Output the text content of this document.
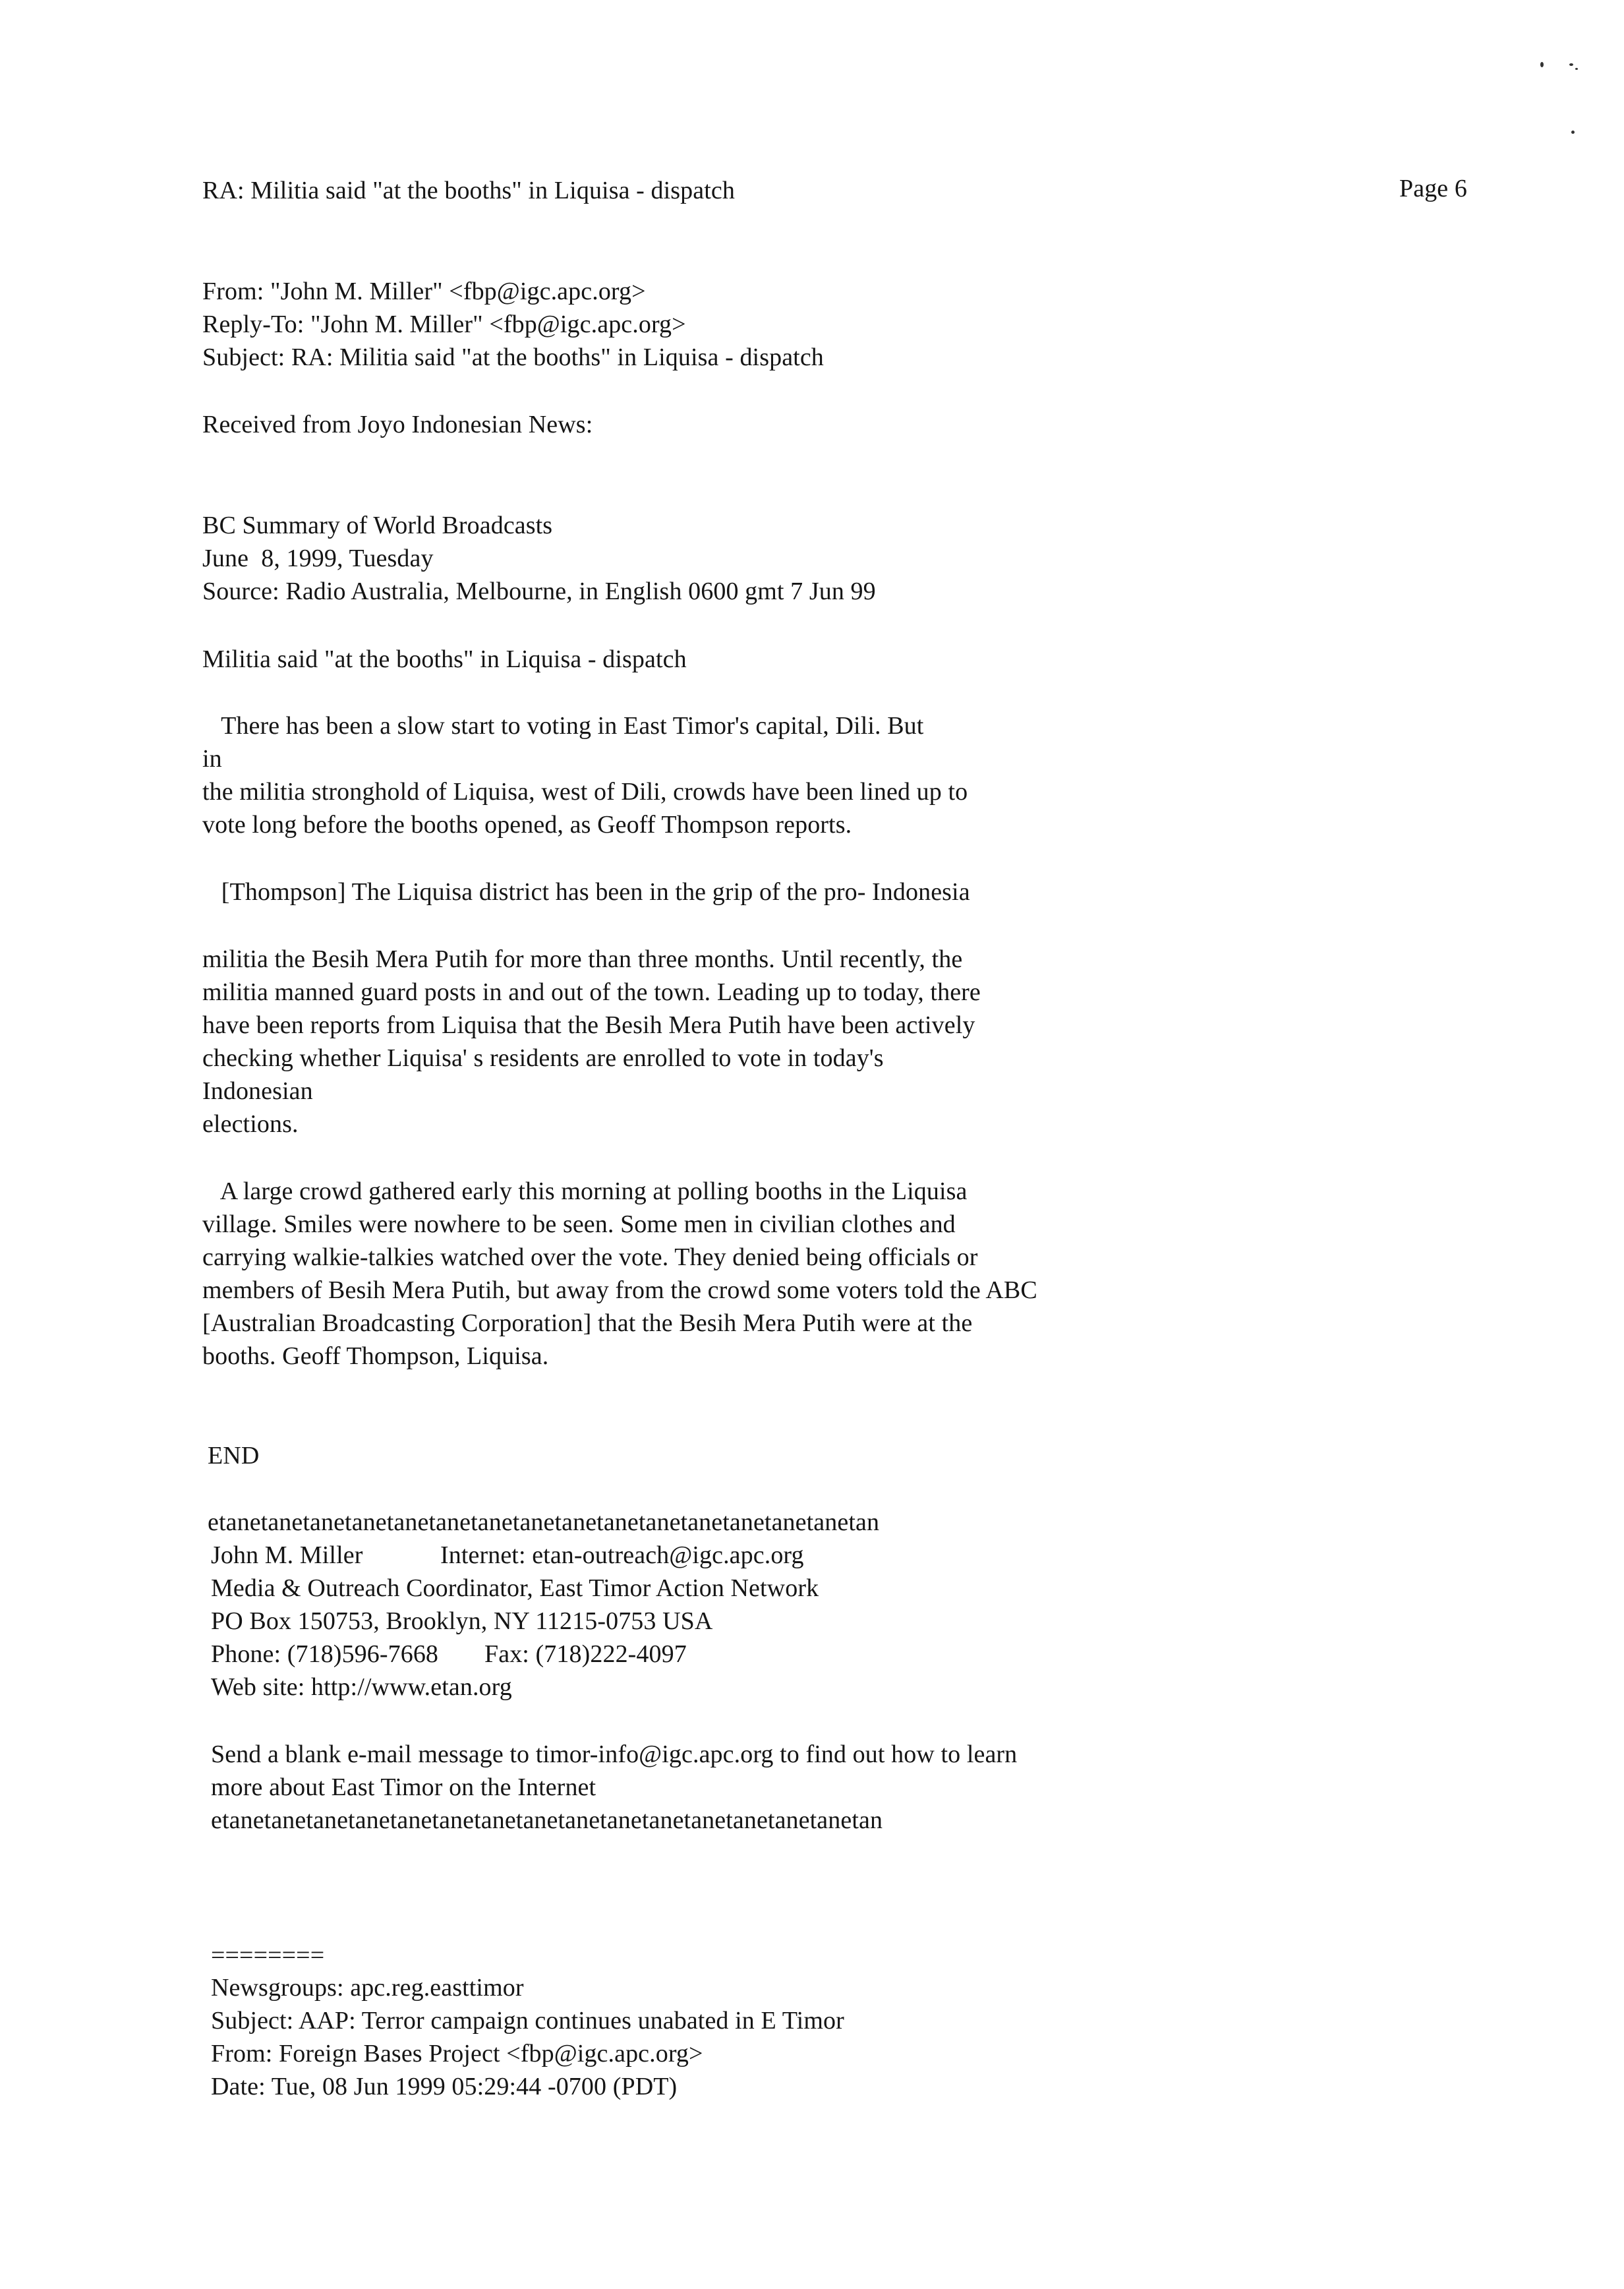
RA: Militia said "at the booths" in Liquisa - dispatch	Page 6
From: "John M. Miller" <fbp@igc.apc.org>
Reply-To: "John M. Miller" <fbp@igc.apc.org>
Subject: RA: Militia said "at the booths" in Liquisa - dispatch
Received from Joyo Indonesian News:
BC Summary of World Broadcasts
June  8, 1999, Tuesday
Source: Radio Australia, Melbourne, in English 0600 gmt 7 Jun 99
Militia said "at the booths" in Liquisa - dispatch
There has been a slow start to voting in East Timor's capital, Dili. But
in
the militia stronghold of Liquisa, west of Dili, crowds have been lined up to
vote long before the booths opened, as Geoff Thompson reports.
[Thompson] The Liquisa district has been in the grip of the pro- Indonesia
militia the Besih Mera Putih for more than three months. Until recently, the
militia manned guard posts in and out of the town. Leading up to today, there
have been reports from Liquisa that the Besih Mera Putih have been actively
checking whether Liquisa' s residents are enrolled to vote in today's
Indonesian
elections.
A large crowd gathered early this morning at polling booths in the Liquisa
village. Smiles were nowhere to be seen. Some men in civilian clothes and
carrying walkie-talkies watched over the vote. They denied being officials or
members of Besih Mera Putih, but away from the crowd some voters told the ABC
[Australian Broadcasting Corporation] that the Besih Mera Putih were at the
booths. Geoff Thompson, Liquisa.
END
etanetanetanetanetanetanetanetanetanetanetanetanetanetanetanetan
John M. Miller	Internet: etan-outreach@igc.apc.org
Media & Outreach Coordinator, East Timor Action Network
PO Box 150753, Brooklyn, NY 11215-0753 USA
Phone: (718)596-7668 Fax: (718)222-4097
Web site: http://www.etan.org
Send a blank e-mail message to timor-info@igc.apc.org to find out how to learn
more about East Timor on the Internet
etanetanetanetanetanetanetanetanetanetanetanetanetanetanetanetan
========
Newsgroups: apc.reg.easttimor
Subject: AAP: Terror campaign continues unabated in E Timor
From: Foreign Bases Project <fbp@igc.apc.org>
Date: Tue, 08 Jun 1999 05:29:44 -0700 (PDT)
